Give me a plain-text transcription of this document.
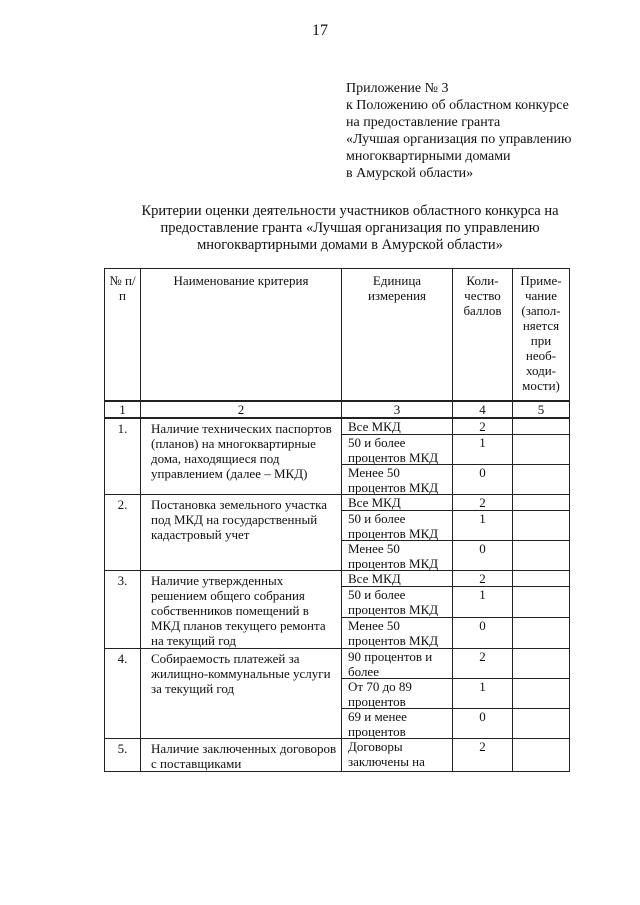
17
Приложение № 3
к Положению об областном конкурсе
на предоставление гранта
«Лучшая организация по управлению
многоквартирными домами
в Амурской области»
Критерии оценки деятельности участников областного конкурса на
предоставление гранта «Лучшая организация по управлению
многоквартирными домами в Амурской области»
№ п/п	Наименование критерия	Единица измерения	Коли-чество баллов	Приме-чание (запол-няется при необ-ходи-мости)
1	2	3	4	5
1.	Наличие технических паспортов (планов) на многоквартирные дома, находящиеся под управлением (далее – МКД)	Все МКД	2	

		50 и более процентов МКД	1	

		Менее 50 процентов МКД	0	
2.	Постановка земельного участка под МКД на государственный кадастровый учет	Все МКД	2	

		50 и более процентов МКД	1	

		Менее 50 процентов МКД	0	
3.	Наличие утвержденных решением общего собрания собственников помещений в МКД планов текущего ремонта на текущий год	Все МКД	2	

		50 и более процентов МКД	1	

		Менее 50 процентов МКД	0	
4.	Собираемость платежей за жилищно-коммунальные услуги за текущий год	90 процентов и более	2	

		От 70 до 89 процентов	1	

		69 и менее процентов	0	
5.	Наличие заключенных договоров с поставщиками	Договоры заключены на	2	
